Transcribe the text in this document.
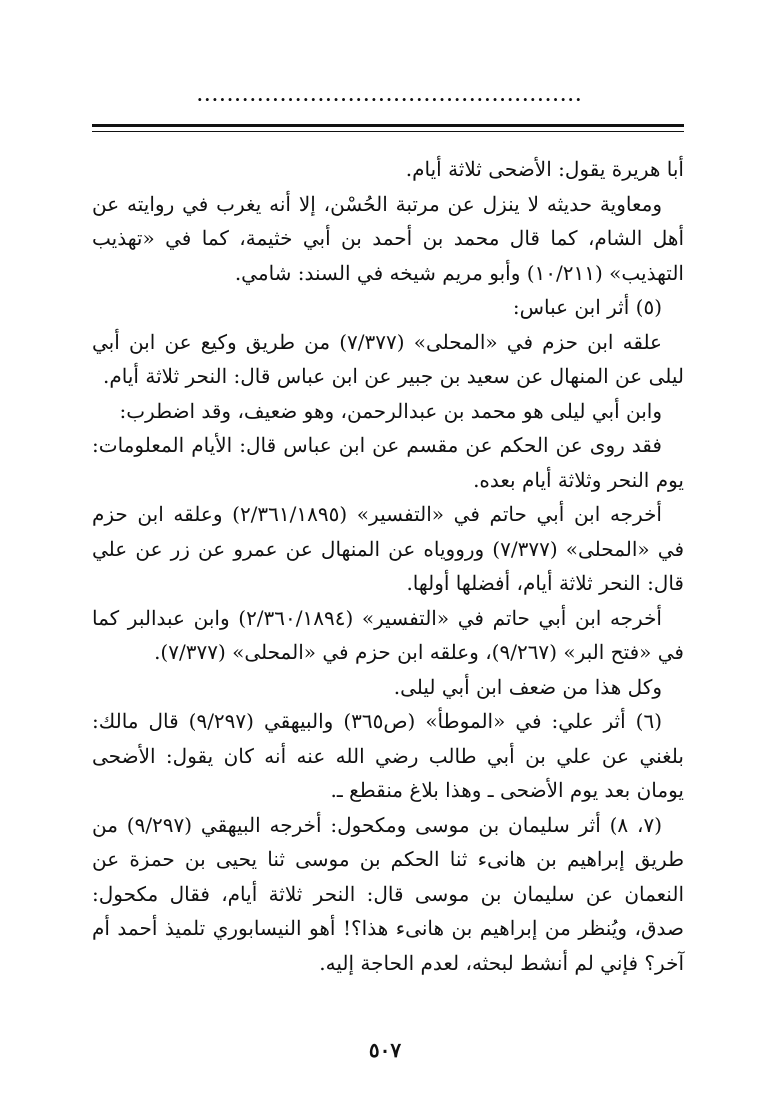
...................................................

أبا هريرة يقول: الأضحى ثلاثة أيام.

ومعاوية حديثه لا ينزل عن مرتبة الحُسْن، إلا أنه يغرب في روايته عن أهل الشام، كما قال محمد بن أحمد بن أبي خثيمة، كما في «تهذيب التهذيب» (١٠/٢١١) وأبو مريم شيخه في السند: شامي.

(٥) أثر ابن عباس:

علقه ابن حزم في «المحلى» (٧/٣٧٧) من طريق وكيع عن ابن أبي ليلى عن المنهال عن سعيد بن جبير عن ابن عباس قال: النحر ثلاثة أيام.

وابن أبي ليلى هو محمد بن عبدالرحمن، وهو ضعيف، وقد اضطرب:

فقد روى عن الحكم عن مقسم عن ابن عباس قال: الأيام المعلومات: يوم النحر وثلاثة أيام بعده.

أخرجه ابن أبي حاتم في «التفسير» (٢/٣٦١/١٨٩٥) وعلقه ابن حزم في «المحلى» (٧/٣٧٧) ورووياه عن المنهال عن عمرو عن زر عن علي قال: النحر ثلاثة أيام، أفضلها أولها.

أخرجه ابن أبي حاتم في «التفسير» (٢/٣٦٠/١٨٩٤) وابن عبدالبر كما في «فتح البر» (٩/٢٦٧)، وعلقه ابن حزم في «المحلى» (٧/٣٧٧).

وكل هذا من ضعف ابن أبي ليلى.

(٦) أثر علي: في «الموطأ» (ص٣٦٥) والبيهقي (٩/٢٩٧) قال مالك: بلغني عن علي بن أبي طالب رضي الله عنه أنه كان يقول: الأضحى يومان بعد يوم الأضحى ـ وهذا بلاغ منقطع ـ.

(٧، ٨) أثر سليمان بن موسى ومكحول: أخرجه البيهقي (٩/٢٩٧) من طريق إبراهيم بن هانىء ثنا الحكم بن موسى ثنا يحيى بن حمزة عن النعمان عن سليمان بن موسى قال: النحر ثلاثة أيام، فقال مكحول: صدق، ويُنظر من إبراهيم بن هانىء هذا؟! أهو النيسابوري تلميذ أحمد أم آخر؟ فإني لم أنشط لبحثه، لعدم الحاجة إليه.

٥٠٧
